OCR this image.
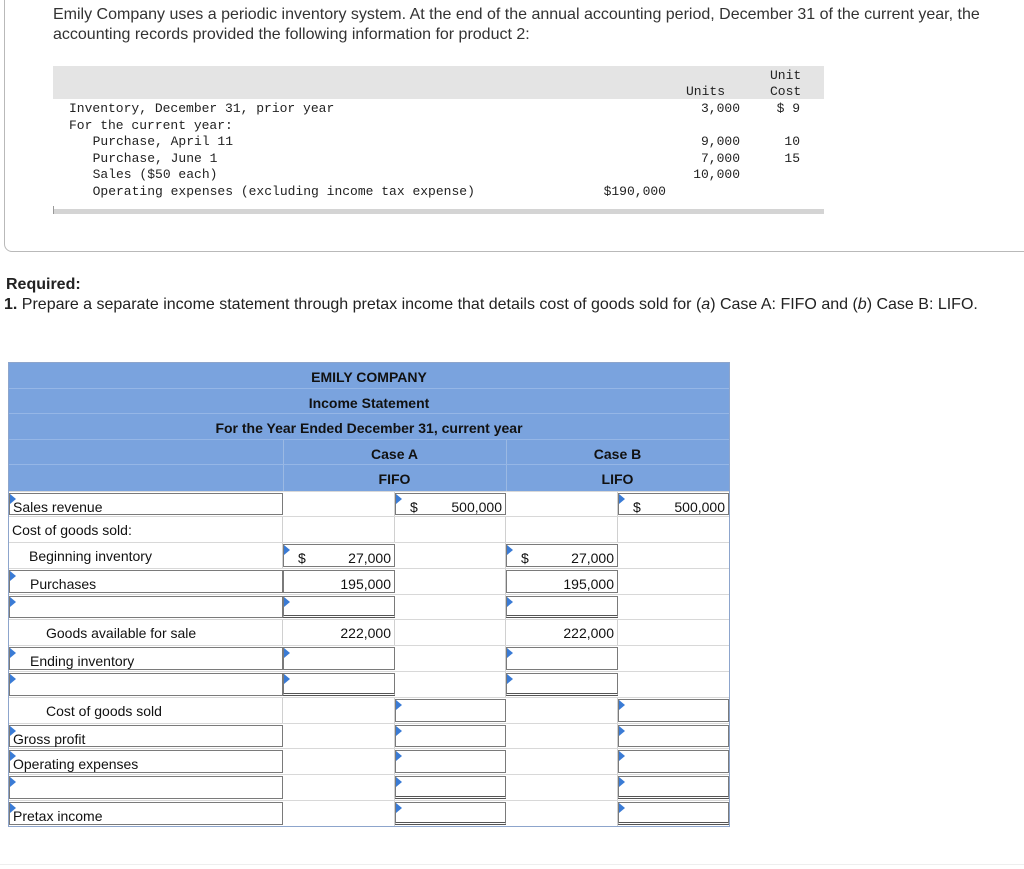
Emily Company uses a periodic inventory system. At the end of the annual accounting period, December 31 of the current year, the accounting records provided the following information for product 2:
Unit
Units	Cost
Inventory, December 31, prior year	3,000	$ 9
For the current year:
Purchase, April 11	9,000	10
Purchase, June 1	7,000	15
Sales ($50 each)	10,000
Operating expenses (excluding income tax expense)	$190,000
Required:
1. Prepare a separate income statement through pretax income that details cost of goods sold for (a) Case A: FIFO and (b) Case B: LIFO.
EMILY COMPANY
Income Statement
For the Year Ended December 31, current year
Case A	Case B
FIFO	LIFO
Sales revenue	$ 500,000	$ 500,000
Cost of goods sold:
Beginning inventory	$	27,000	$	27,000
Purchases	195,000	195,000
Goods available for sale	222,000	222,000
Ending inventory
Cost of goods sold
Gross profit
Operating expenses
Pretax income
